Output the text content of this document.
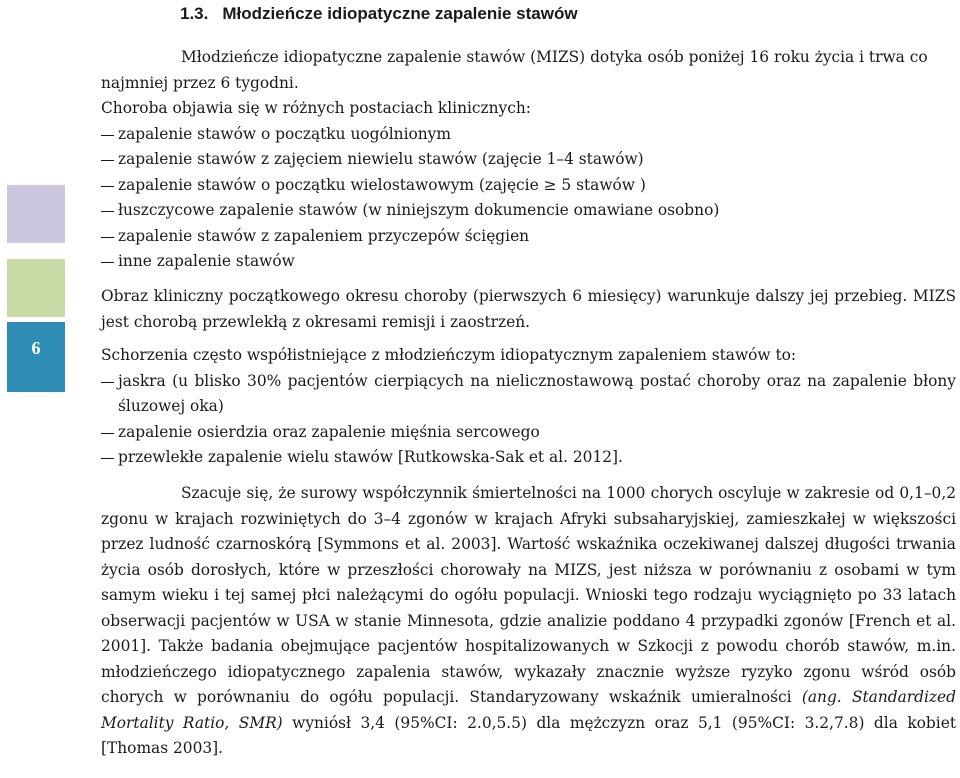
6
1.3. Młodzieńcze idiopatyczne zapalenie stawów

Młodzieńcze idiopatyczne zapalenie stawów (MIZS) dotyka osób poniżej 16 roku życia i trwa co najmniej przez 6 tygodni.

Choroba objawia się w różnych postaciach klinicznych:

zapalenie stawów o początku uogólnionym
zapalenie stawów z zajęciem niewielu stawów (zajęcie 1–4 stawów)
zapalenie stawów o początku wielostawowym (zajęcie ≥ 5 stawów )
łuszczycowe zapalenie stawów (w niniejszym dokumencie omawiane osobno)
zapalenie stawów z zapaleniem przyczepów ścięgien
inne zapalenie stawów

Obraz kliniczny początkowego okresu choroby (pierwszych 6 miesięcy) warunkuje dalszy jej przebieg. MIZS jest chorobą przewlekłą z okresami remisji i zaostrzeń.

Schorzenia często współistniejące z młodzieńczym idiopatycznym zapaleniem stawów to:

jaskra (u blisko 30% pacjentów cierpiących na nielicznostawową postać choroby oraz na zapalenie błony śluzowej oka)
zapalenie osierdzia oraz zapalenie mięśnia sercowego
przewlekłe zapalenie wielu stawów [Rutkowska-Sak et al. 2012].

Szacuje się, że surowy współczynnik śmiertelności na 1000 chorych oscyluje w zakresie od 0,1–0,2 zgonu w krajach rozwiniętych do 3–4 zgonów w krajach Afryki subsaharyjskiej, zamieszkałej w większości przez ludność czarnoskórą [Symmons et al. 2003]. Wartość wskaźnika oczekiwanej dalszej długości trwania życia osób dorosłych, które w przeszłości chorowały na MIZS, jest niższa w porównaniu z osobami w tym samym wieku i tej samej płci należącymi do ogółu populacji. Wnioski tego rodzaju wyciągnięto po 33 latach obserwacji pacjentów w USA w stanie Minnesota, gdzie analizie poddano 4 przypadki zgonów [French et al. 2001]. Także badania obejmujące pacjentów hospitalizowanych w Szkocji z powodu chorób stawów, m.in. młodzieńczego idiopatycznego zapalenia stawów, wykazały znacznie wyższe ryzyko zgonu wśród osób chorych w porównaniu do ogółu populacji. Standaryzowany wskaźnik umieralności (ang. Standardized Mortality Ratio, SMR) wyniósł 3,4 (95%CI: 2.0,5.5) dla mężczyzn oraz 5,1 (95%CI: 3.2,7.8) dla kobiet [Thomas 2003].
